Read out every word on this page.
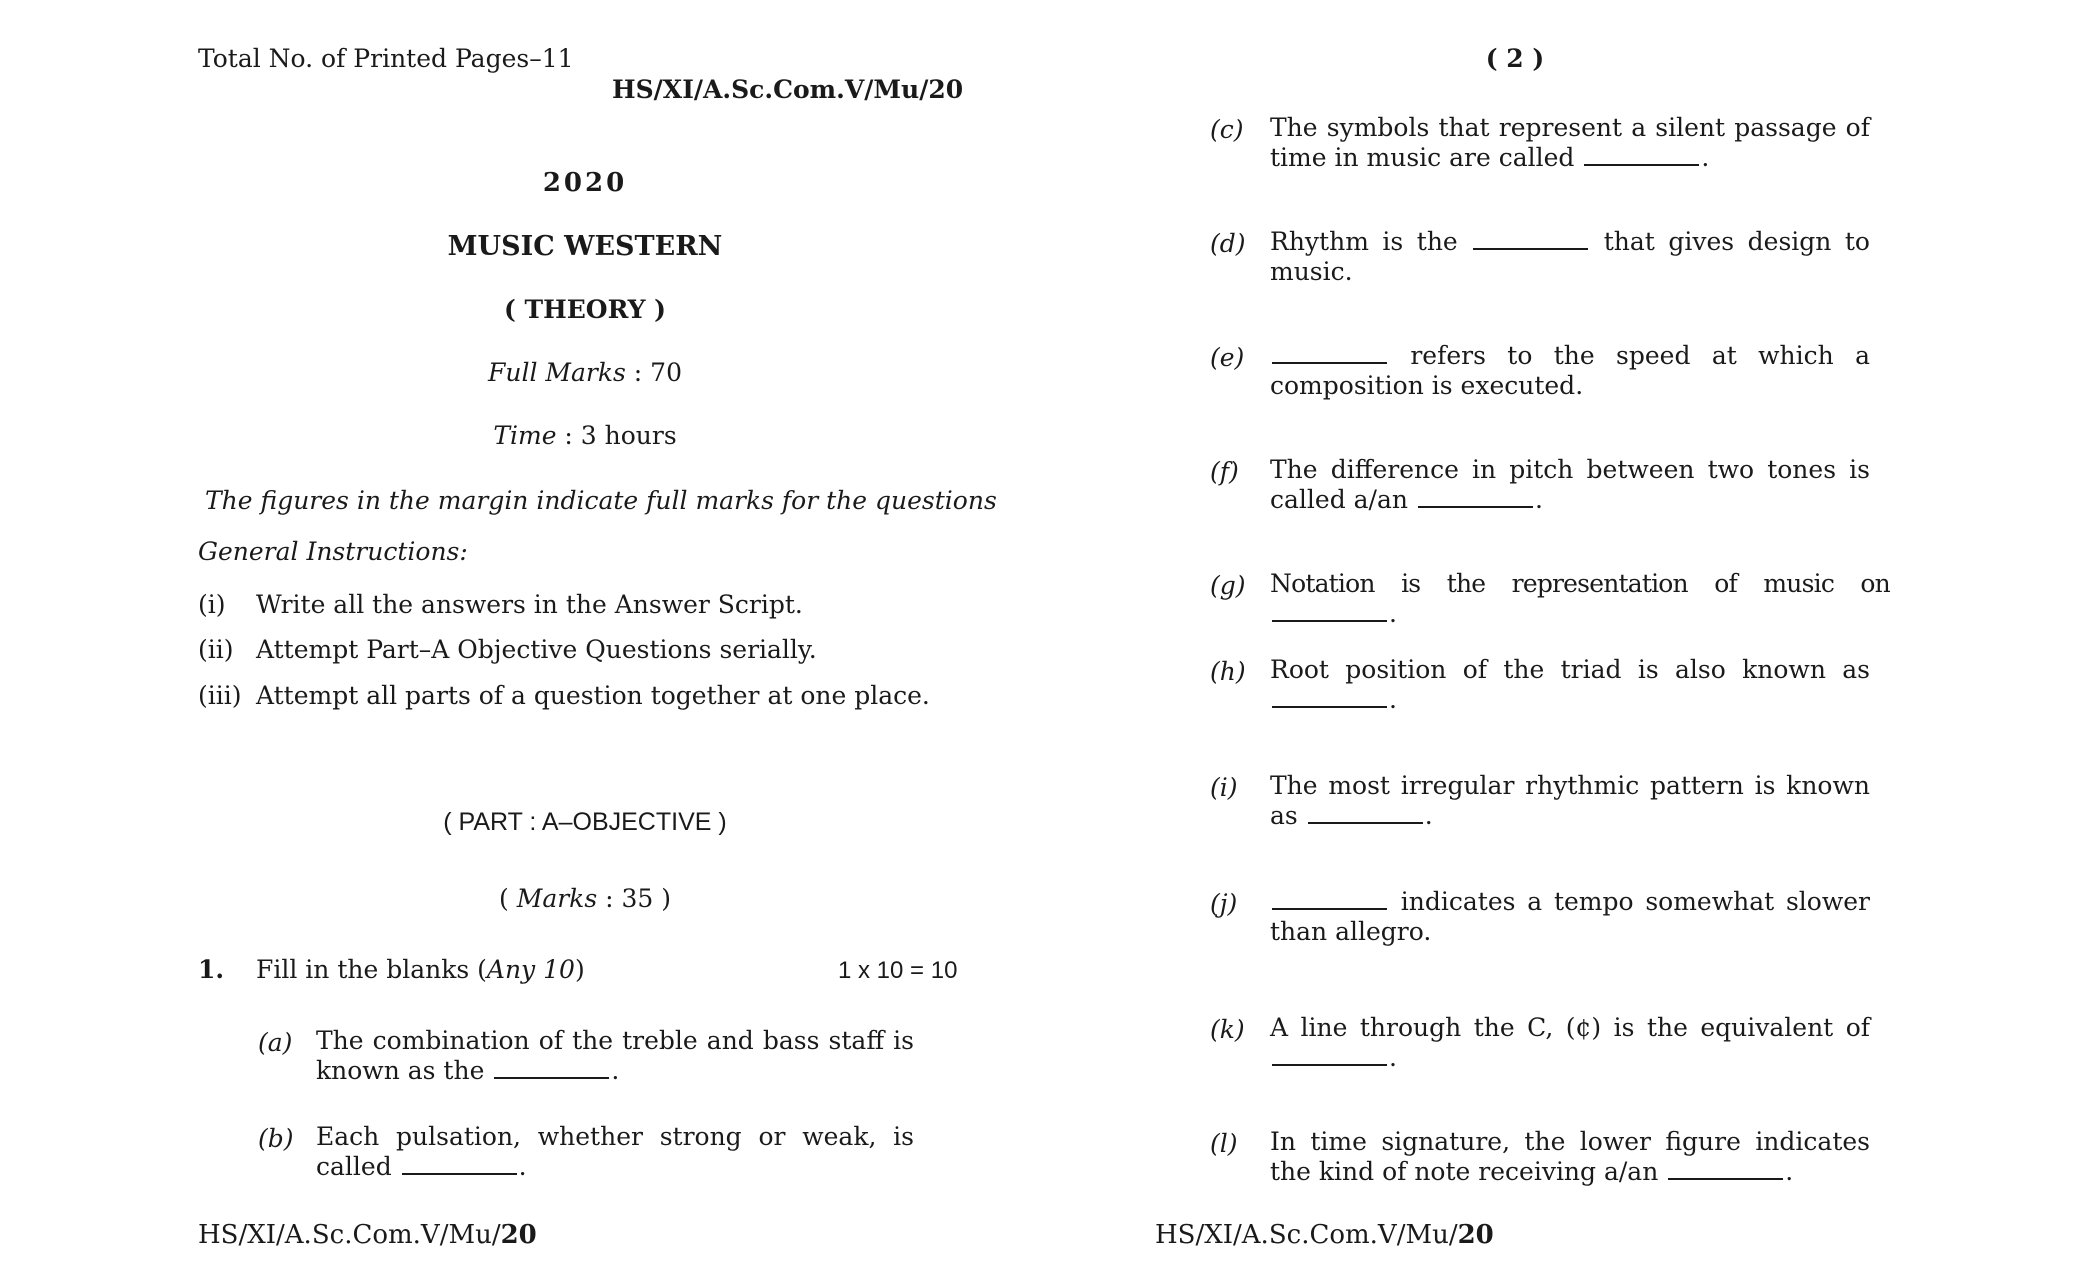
Total No. of Printed Pages–11
HS/XI/A.Sc.Com.V/Mu/20
2020
MUSIC WESTERN
( THEORY )
Full Marks : 70
Time : 3 hours
The figures in the margin indicate full marks for the questions
General Instructions:
(i) Write all the answers in the Answer Script.
(ii) Attempt Part–A Objective Questions serially.
(iii) Attempt all parts of a question together at one place.
( PART : A–OBJECTIVE )
( Marks : 35 )
1. Fill in the blanks (Any 10)	1 x 10 = 10
(a) The combination of the treble and bass staff is known as the	.
(b) Each pulsation, whether strong or weak, is called	.
HS/XI/A.Sc.Com.V/Mu/20
( 2 )
(c) The symbols that represent a silent passage of time in music are called	.
(d) Rhythm is the	that gives design to music.
(e)	refers to the speed at which a composition is executed.
(f) The difference in pitch between two tones is called a/an	.
(g) Notation is the representation of music on .
(h) Root position of the triad is also known as .
(i) The most irregular rhythmic pattern is known as	.
(j)	indicates a tempo somewhat slower than allegro.
(k) A line through the C, (¢) is the equivalent of .
(l) In time signature, the lower figure indicates the kind of note receiving a/an	.
HS/XI/A.Sc.Com.V/Mu/20
